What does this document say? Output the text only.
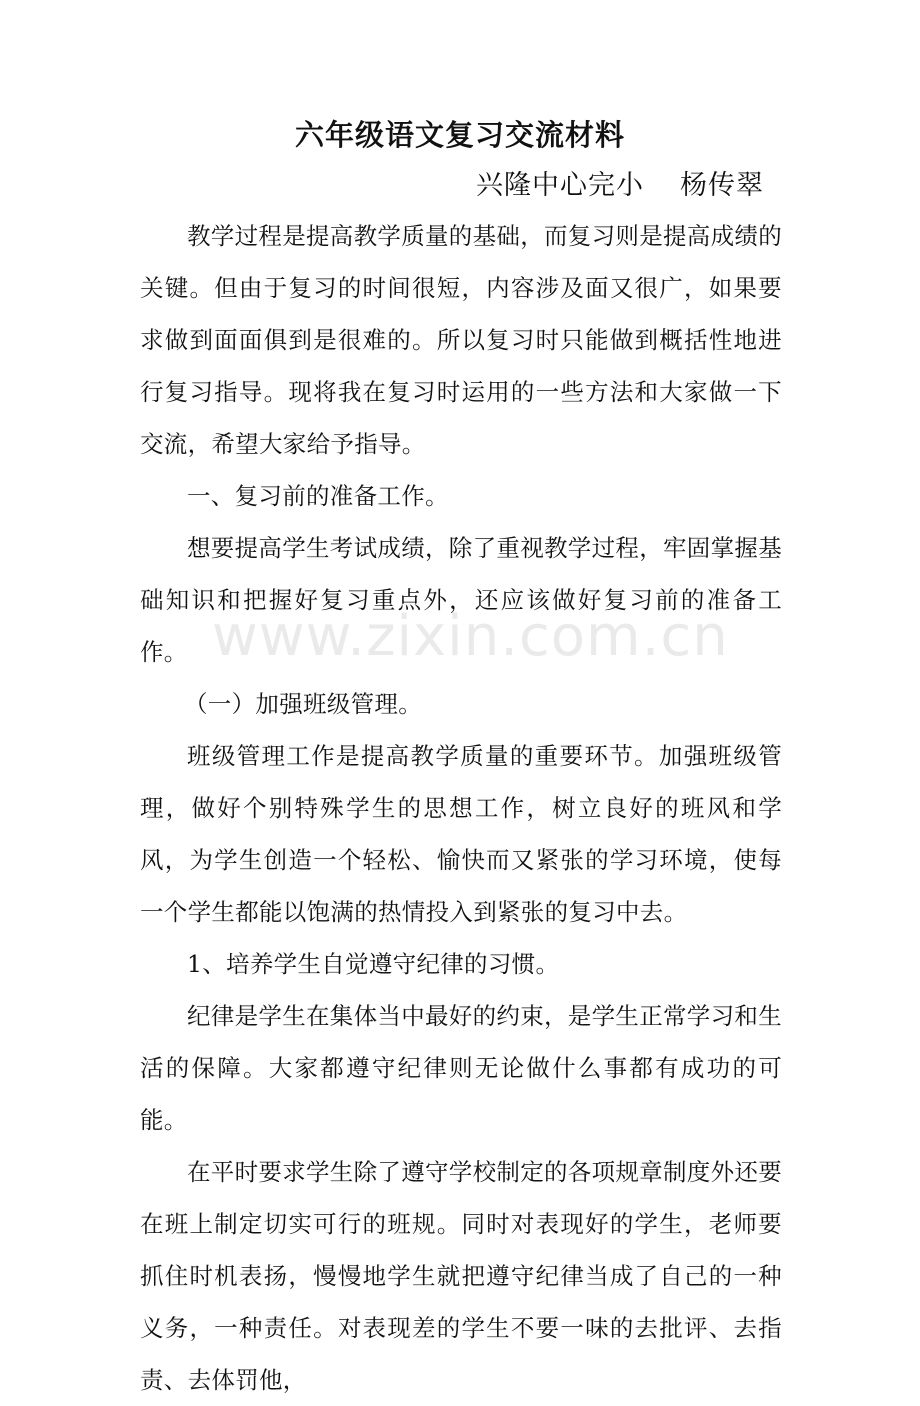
六年级语文复习交流材料
兴隆中心完小 杨传翠

教学过程是提高教学质量的基础，而复习则是提高成绩的关键。但由于复习的时间很短，内容涉及面又很广，如果要求做到面面俱到是很难的。所以复习时只能做到概括性地进行复习指导。现将我在复习时运用的一些方法和大家做一下交流，希望大家给予指导。

一、复习前的准备工作。

想要提高学生考试成绩，除了重视教学过程，牢固掌握基础知识和把握好复习重点外，还应该做好复习前的准备工作。

（一）加强班级管理。

班级管理工作是提高教学质量的重要环节。加强班级管理，做好个别特殊学生的思想工作，树立良好的班风和学风，为学生创造一个轻松、愉快而又紧张的学习环境，使每一个学生都能以饱满的热情投入到紧张的复习中去。

1、培养学生自觉遵守纪律的习惯。

纪律是学生在集体当中最好的约束，是学生正常学习和生活的保障。大家都遵守纪律则无论做什么事都有成功的可能。

在平时要求学生除了遵守学校制定的各项规章制度外还要在班上制定切实可行的班规。同时对表现好的学生，老师要抓住时机表扬，慢慢地学生就把遵守纪律当成了自己的一种义务，一种责任。对表现差的学生不要一味的去批评、去指责、去体罚他，

www.zixin.com.cn
